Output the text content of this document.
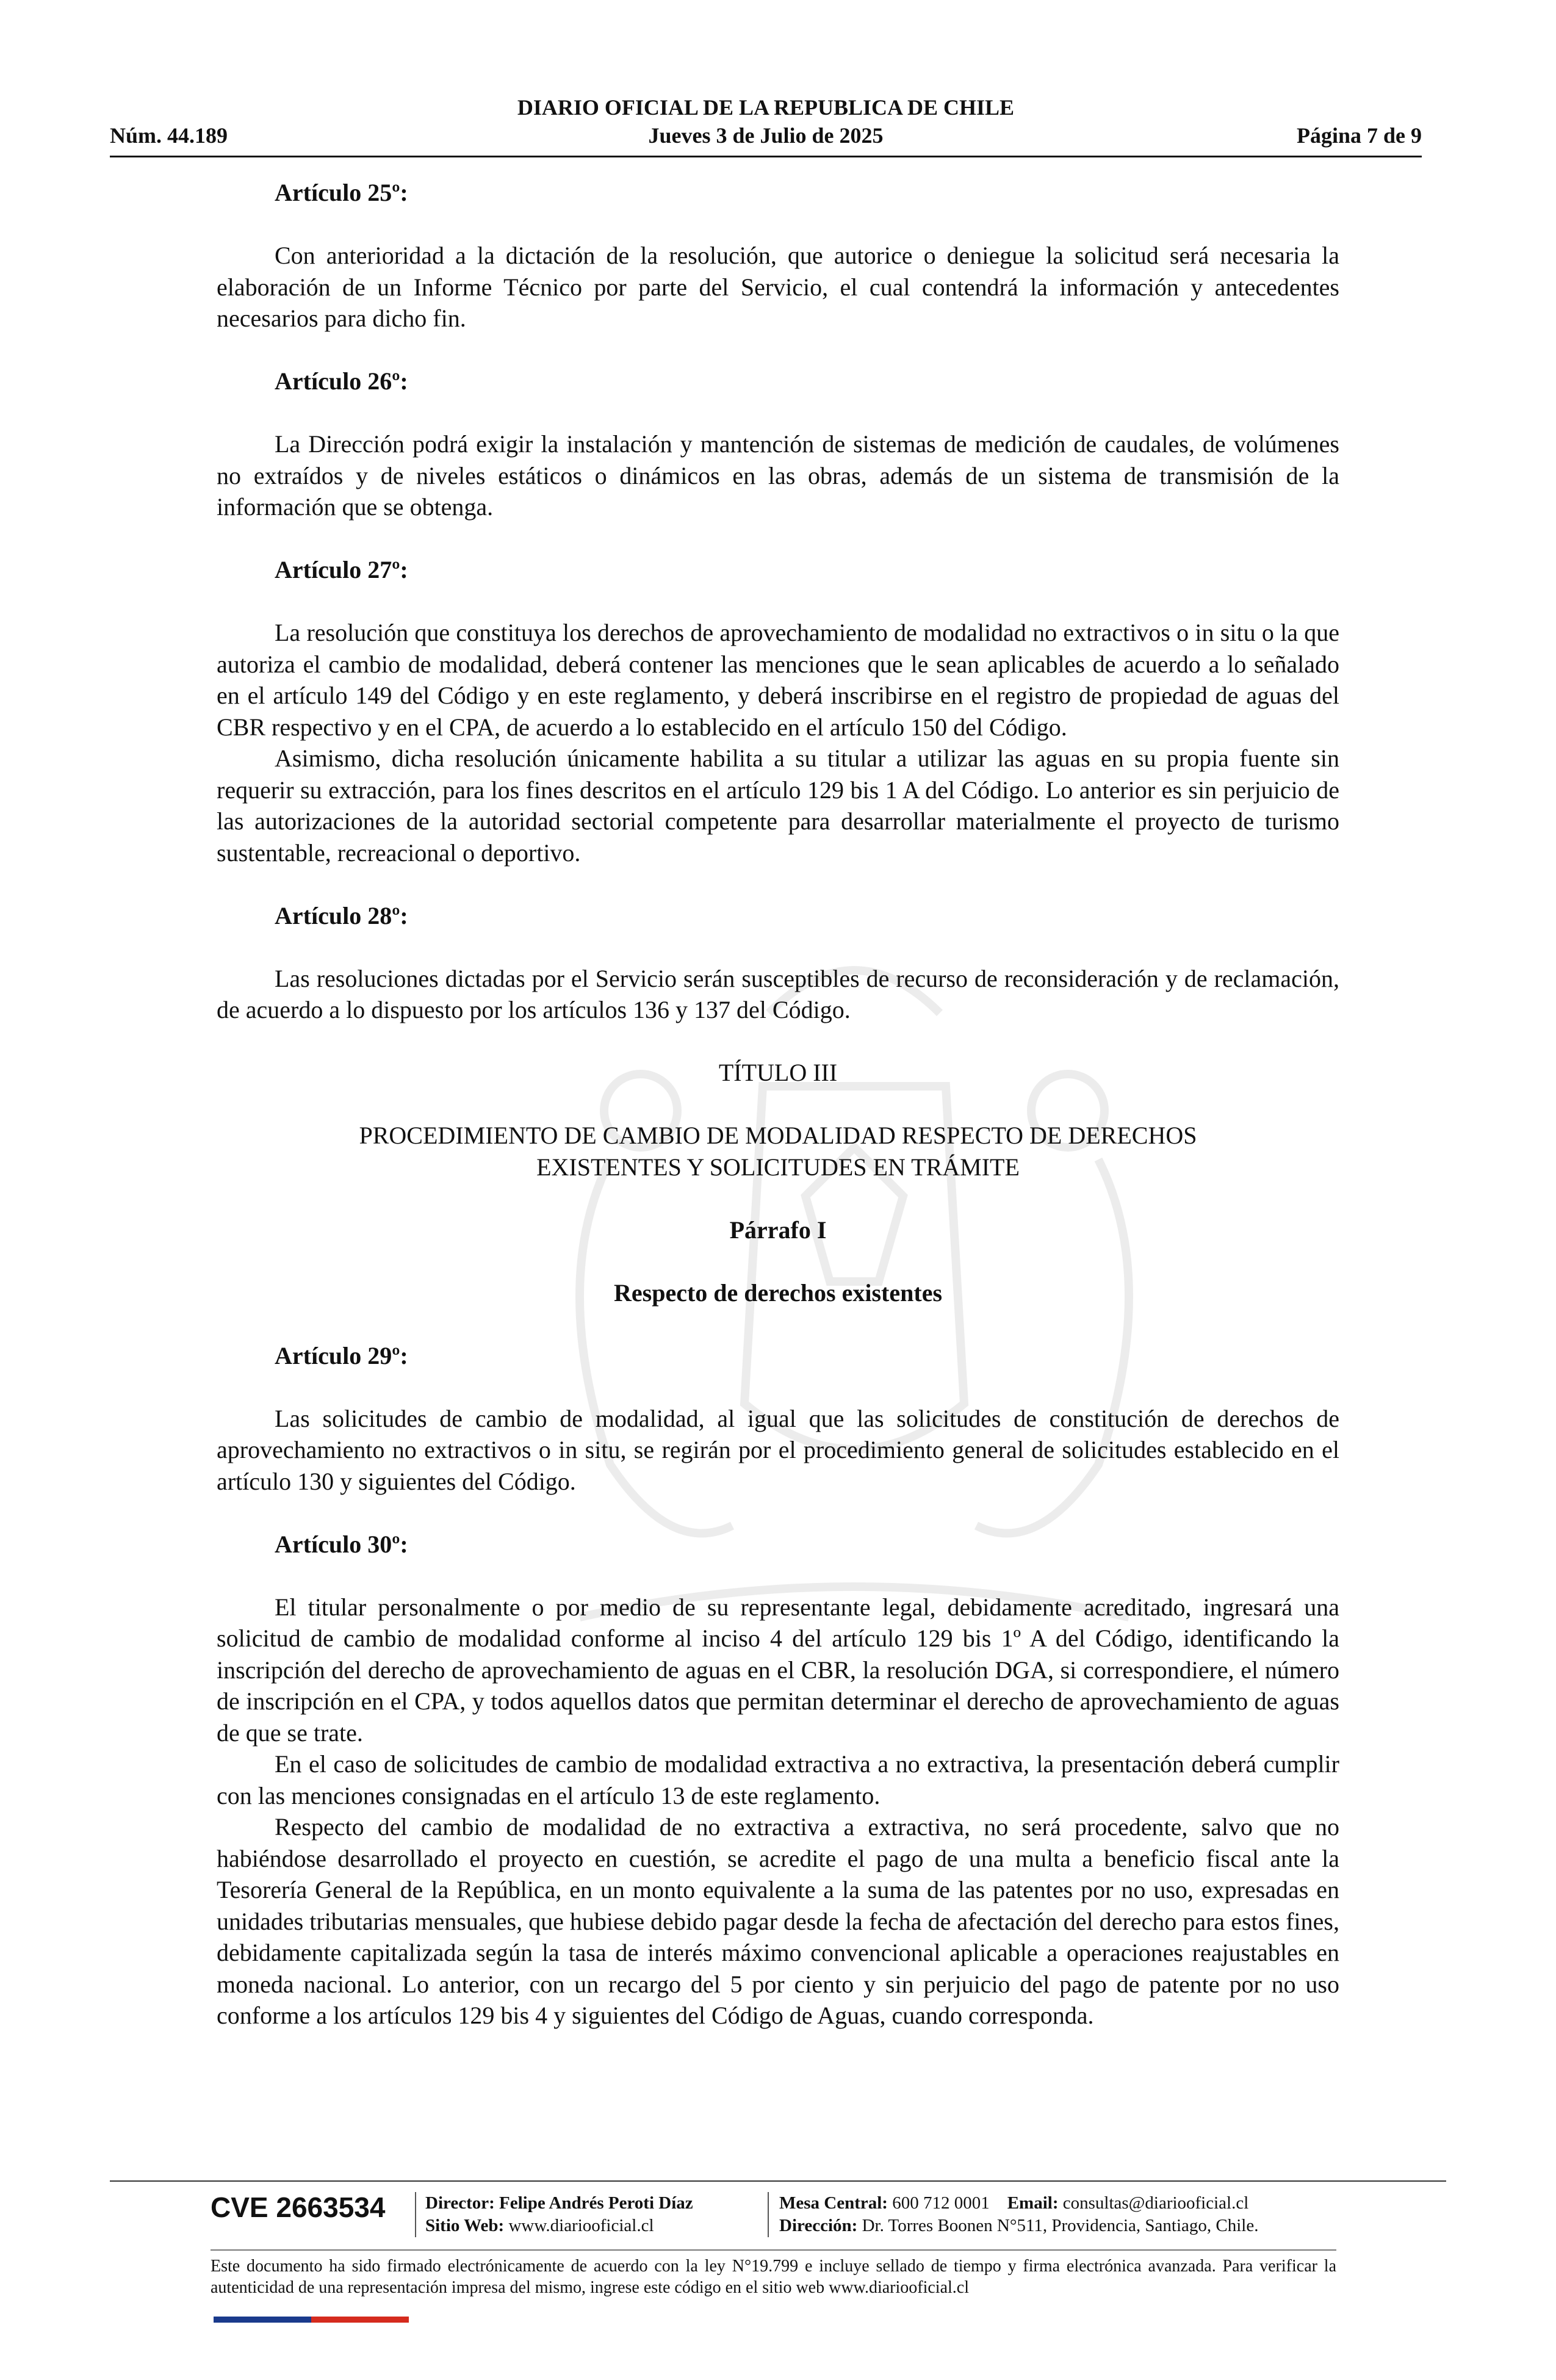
DIARIO OFICIAL DE LA REPUBLICA DE CHILE
Núm. 44.189	Jueves 3 de Julio de 2025	Página 7 de 9
Artículo 25º:

Con anterioridad a la dictación de la resolución, que autorice o deniegue la solicitud será necesaria la elaboración de un Informe Técnico por parte del Servicio, el cual contendrá la información y antecedentes necesarios para dicho fin.

Artículo 26º:

La Dirección podrá exigir la instalación y mantención de sistemas de medición de caudales, de volúmenes no extraídos y de niveles estáticos o dinámicos en las obras, además de un sistema de transmisión de la información que se obtenga.

Artículo 27º:

La resolución que constituya los derechos de aprovechamiento de modalidad no extractivos o in situ o la que autoriza el cambio de modalidad, deberá contener las menciones que le sean aplicables de acuerdo a lo señalado en el artículo 149 del Código y en este reglamento, y deberá inscribirse en el registro de propiedad de aguas del CBR respectivo y en el CPA, de acuerdo a lo establecido en el artículo 150 del Código.

Asimismo, dicha resolución únicamente habilita a su titular a utilizar las aguas en su propia fuente sin requerir su extracción, para los fines descritos en el artículo 129 bis 1 A del Código. Lo anterior es sin perjuicio de las autorizaciones de la autoridad sectorial competente para desarrollar materialmente el proyecto de turismo sustentable, recreacional o deportivo.

Artículo 28º:

Las resoluciones dictadas por el Servicio serán susceptibles de recurso de reconsideración y de reclamación, de acuerdo a lo dispuesto por los artículos 136 y 137 del Código.

TÍTULO III
PROCEDIMIENTO DE CAMBIO DE MODALIDAD RESPECTO DE DERECHOS
EXISTENTES Y SOLICITUDES EN TRÁMITE
Párrafo I
Respecto de derechos existentes
Artículo 29º:

Las solicitudes de cambio de modalidad, al igual que las solicitudes de constitución de derechos de aprovechamiento no extractivos o in situ, se regirán por el procedimiento general de solicitudes establecido en el artículo 130 y siguientes del Código.

Artículo 30º:

El titular personalmente o por medio de su representante legal, debidamente acreditado, ingresará una solicitud de cambio de modalidad conforme al inciso 4 del artículo 129 bis 1º A del Código, identificando la inscripción del derecho de aprovechamiento de aguas en el CBR, la resolución DGA, si correspondiere, el número de inscripción en el CPA, y todos aquellos datos que permitan determinar el derecho de aprovechamiento de aguas de que se trate.

En el caso de solicitudes de cambio de modalidad extractiva a no extractiva, la presentación deberá cumplir con las menciones consignadas en el artículo 13 de este reglamento.

Respecto del cambio de modalidad de no extractiva a extractiva, no será procedente, salvo que no habiéndose desarrollado el proyecto en cuestión, se acredite el pago de una multa a beneficio fiscal ante la Tesorería General de la República, en un monto equivalente a la suma de las patentes por no uso, expresadas en unidades tributarias mensuales, que hubiese debido pagar desde la fecha de afectación del derecho para estos fines, debidamente capitalizada según la tasa de interés máximo convencional aplicable a operaciones reajustables en moneda nacional. Lo anterior, con un recargo del 5 por ciento y sin perjuicio del pago de patente por no uso conforme a los artículos 129 bis 4 y siguientes del Código de Aguas, cuando corresponda.

CVE 2663534 Director: Felipe Andrés Peroti Díaz
Sitio Web: www.diariooficial.cl
Mesa Central: 600 712 0001 Email: consultas@diariooficial.cl
Dirección: Dr. Torres Boonen N°511, Providencia, Santiago, Chile.
Este documento ha sido firmado electrónicamente de acuerdo con la ley N°19.799 e incluye sellado de tiempo y firma electrónica avanzada. Para verificar la autenticidad de una representación impresa del mismo, ingrese este código en el sitio web www.diariooficial.cl
